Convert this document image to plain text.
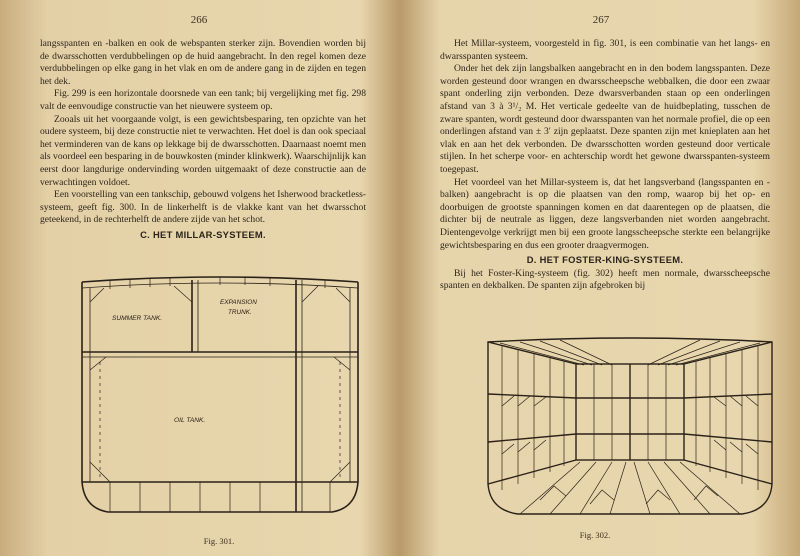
266

langsspanten en -balken en ook de webspanten sterker zijn. Bovendien worden bij de dwarsschotten verdubbelingen op de huid aangebracht. In den regel komen deze verdubbelingen op elke gang in het vlak en om de andere gang in de zijden en tegen het dek.

Fig. 299 is een horizontale doorsnede van een tank; bij vergelijking met fig. 298 valt de eenvoudige constructie van het nieuwere systeem op.

Zooals uit het voorgaande volgt, is een gewichtsbesparing, ten opzichte van het oudere systeem, bij deze constructie niet te verwachten. Het doel is dan ook speciaal het verminderen van de kans op lekkage bij de dwarsschotten. Daarnaast noemt men als voordeel een besparing in de bouwkosten (minder klinkwerk). Waarschijnlijk kan eerst door langdurige ondervinding worden uitgemaakt of deze constructie aan de verwachtingen voldoet.

Een voorstelling van een tankschip, gebouwd volgens het Isherwood bracketless-systeem, geeft fig. 300. In de linkerhelft is de vlakke kant van het dwarsschot geteekend, in de rechterhelft de andere zijde van het schot.

C. HET MILLAR-SYSTEEM.
SUMMER TANK.
EXPANSION
TRUNK.
OIL TANK.
Fig. 301.
267

Het Millar-systeem, voorgesteld in fig. 301, is een combinatie van het langs- en dwarsspanten systeem.

Onder het dek zijn langsbalken aangebracht en in den bodem langsspanten. Deze worden gesteund door wrangen en dwarsscheepsche webbalken, die door een zwaar spant onderling zijn verbonden. Deze dwarsverbanden staan op een onderlingen afstand van 3 à 3¹/₂ M. Het verticale gedeelte van de huidbeplating, tusschen de zware spanten, wordt gesteund door dwarsspanten van het normale profiel, die op een onderlingen afstand van ± 3′ zijn geplaatst. Deze spanten zijn met knieplaten aan het vlak en aan het dek verbonden. De dwarsschotten worden gesteund door verticale stijlen. In het scherpe voor- en achterschip wordt het gewone dwarsspanten-systeem toegepast.

Het voordeel van het Millar-systeem is, dat het langsverband (langsspanten en -balken) aangebracht is op die plaatsen van den romp, waarop bij het op- en doorbuigen de grootste spanningen komen en dat daarentegen op de plaatsen, die dichter bij de neutrale as liggen, deze langsverbanden niet worden aangebracht. Dientengevolge verkrijgt men bij een groote langsscheepsche sterkte een belangrijke gewichtsbesparing en dus een grooter draagvermogen.

D. HET FOSTER-KING-SYSTEEM.

Bij het Foster-King-systeem (fig. 302) heeft men normale, dwarsscheepsche spanten en dekbalken. De spanten zijn afgebroken bij

Fig. 302.
